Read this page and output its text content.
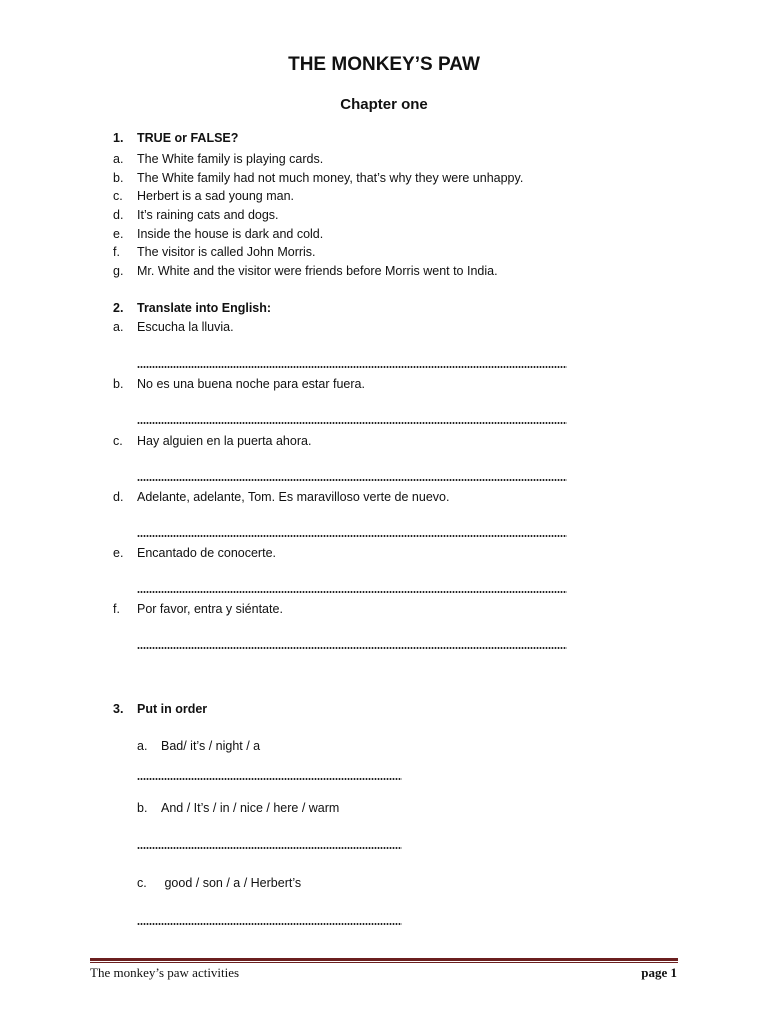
THE MONKEY’S PAW
Chapter one
1. TRUE or FALSE?
a. The White family is playing cards.
b. The White family had not much money, that’s why they were unhappy.
c. Herbert is a sad young man.
d. It’s raining cats and dogs.
e. Inside the house is dark and cold.
f. The visitor is called John Morris.
g. Mr. White and the visitor were friends before Morris went to India.
2. Translate into English:
a. Escucha la lluvia.
b. No es una buena noche para estar fuera.
c. Hay alguien en la puerta ahora.
d. Adelante, adelante, Tom. Es maravilloso verte de nuevo.
e. Encantado de conocerte.
f. Por favor, entra y siéntate.
3. Put in order
a. Bad/ it’s / night / a
b. And / It’s / in / nice / here / warm
c. good / son / a / Herbert’s
The monkey’s paw activities	page 1
